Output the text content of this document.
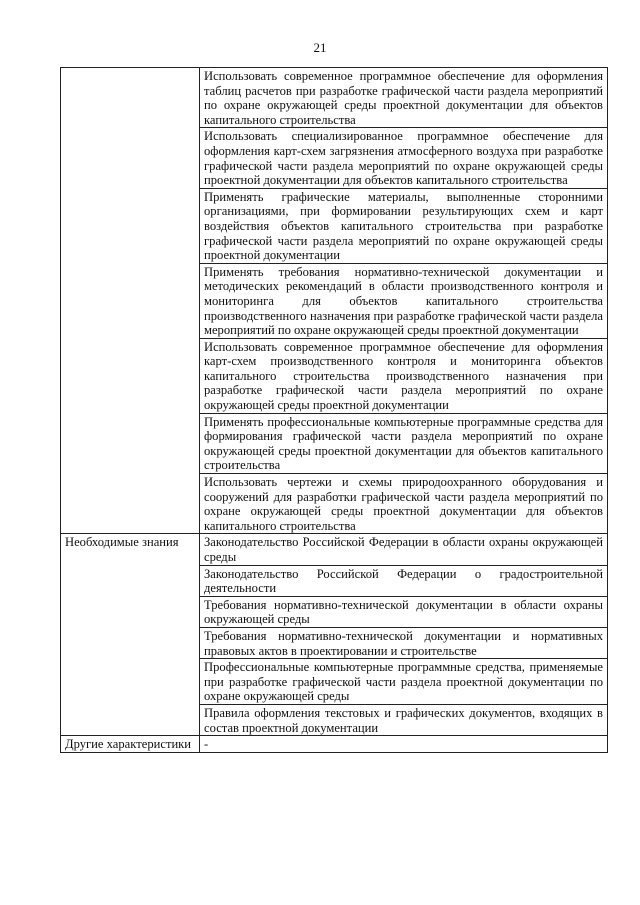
21

	Использовать современное программное обеспечение для оформления таблиц расчетов при разработке графической части раздела мероприятий по охране окружающей среды проектной документации для объектов капитального строительства

	Использовать специализированное программное обеспечение для оформления карт-схем загрязнения атмосферного воздуха при разработке графической части раздела мероприятий по охране окружающей среды проектной документации для объектов капитального строительства

	Применять графические материалы, выполненные сторонними организациями, при формировании результирующих схем и карт воздействия объектов капитального строительства при разработке графической части раздела мероприятий по охране окружающей среды проектной документации

	Применять требования нормативно-технической документации и методических рекомендаций в области производственного контроля и мониторинга для объектов капитального строительства производственного назначения при разработке графической части раздела мероприятий по охране окружающей среды проектной документации

	Использовать современное программное обеспечение для оформления карт-схем производственного контроля и мониторинга объектов капитального строительства производственного назначения при разработке графической части раздела мероприятий по охране окружающей среды проектной документации

	Применять профессиональные компьютерные программные средства для формирования графической части раздела мероприятий по охране окружающей среды проектной документации для объектов капитального строительства

	Использовать чертежи и схемы природоохранного оборудования и сооружений для разработки графической части раздела мероприятий по охране окружающей среды проектной документации для объектов капитального строительства

Необходимые знания	Законодательство Российской Федерации в области охраны окружающей среды

	Законодательство Российской Федерации о градостроительной деятельности

	Требования нормативно-технической документации в области охраны окружающей среды

	Требования нормативно-технической документации и нормативных правовых актов в проектировании и строительстве

	Профессиональные компьютерные программные средства, применяемые при разработке графической части раздела проектной документации по охране окружающей среды

	Правила оформления текстовых и графических документов, входящих в состав проектной документации

Другие характеристики	-
